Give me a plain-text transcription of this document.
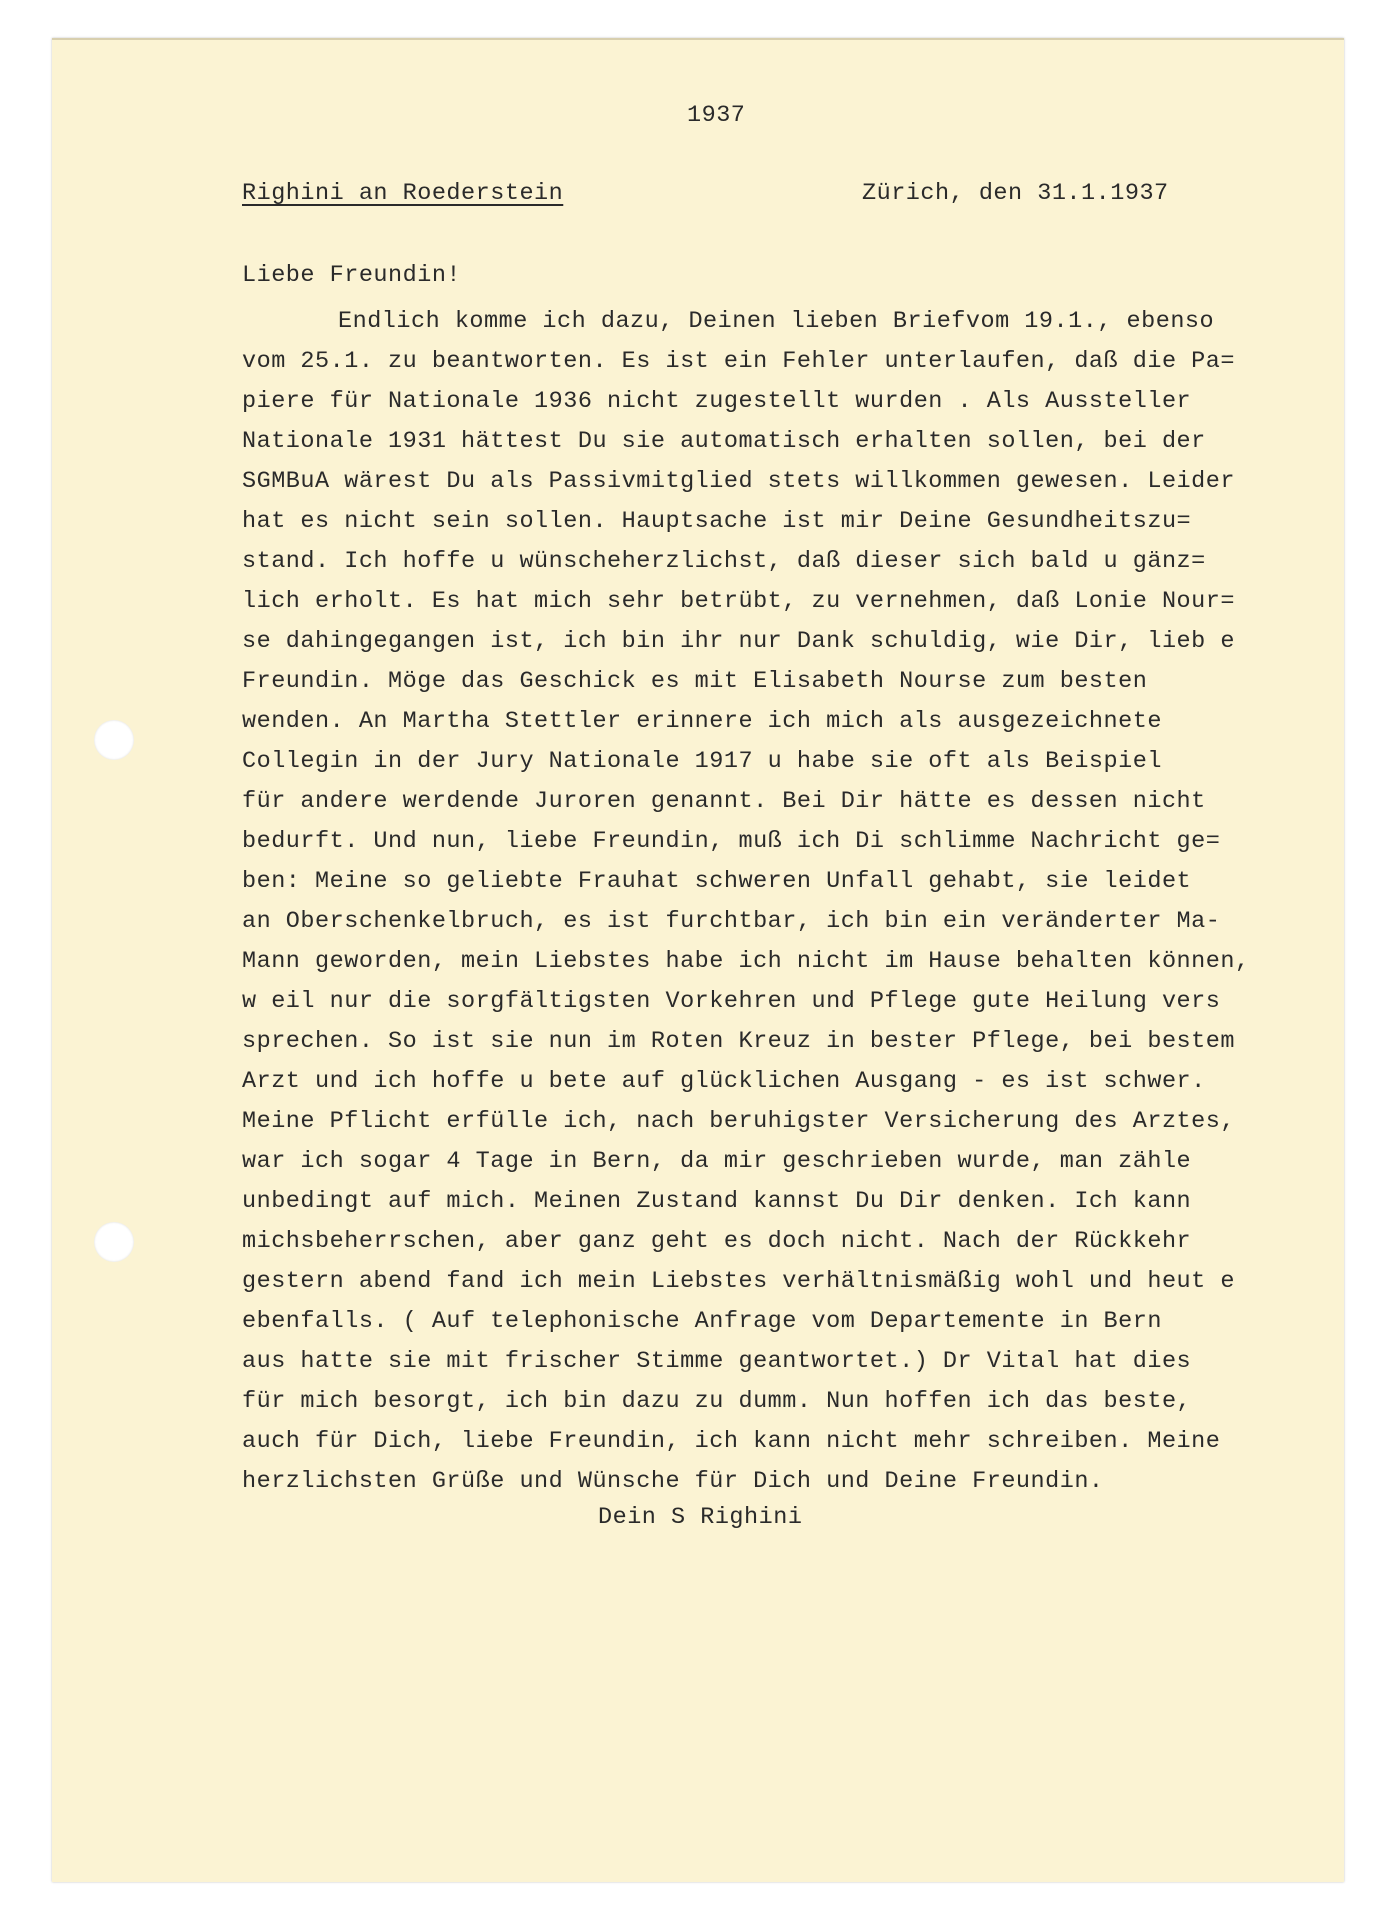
1937
Righini an Roederstein	Zürich, den 31.1.1937
Liebe Freundin!
Endlich komme ich dazu, Deinen lieben Briefvom 19.1., ebenso
vom 25.1. zu beantworten. Es ist ein Fehler unterlaufen, daß die Pa=
piere für Nationale 1936 nicht zugestellt wurden . Als Aussteller
Nationale 1931 hättest Du sie automatisch erhalten sollen, bei der
SGMBuA wärest Du als Passivmitglied stets willkommen gewesen. Leider
hat es nicht sein sollen. Hauptsache ist mir Deine Gesundheitszu=
stand. Ich hoffe u wünscheherzlichst, daß dieser sich bald u gänz=
lich erholt. Es hat mich sehr betrübt, zu vernehmen, daß Lonie Nour=
se dahingegangen ist, ich bin ihr nur Dank schuldig, wie Dir, lieb e
Freundin. Möge das Geschick es mit Elisabeth Nourse zum besten
wenden. An Martha Stettler erinnere ich mich als ausgezeichnete
Collegin in der Jury Nationale 1917 u habe sie oft als Beispiel
für andere werdende Juroren genannt. Bei Dir hätte es dessen nicht
bedurft. Und nun, liebe Freundin, muß ich Di schlimme Nachricht ge=
ben: Meine so geliebte Frauhat schweren Unfall gehabt, sie leidet
an Oberschenkelbruch, es ist furchtbar, ich bin ein veränderter Ma-
Mann geworden, mein Liebstes habe ich nicht im Hause behalten können,
w eil nur die sorgfältigsten Vorkehren und Pflege gute Heilung vers
sprechen. So ist sie nun im Roten Kreuz in bester Pflege, bei bestem
Arzt und ich hoffe u bete auf glücklichen Ausgang - es ist schwer.
Meine Pflicht erfülle ich, nach beruhigster Versicherung des Arztes,
war ich sogar 4 Tage in Bern, da mir geschrieben wurde, man zähle
unbedingt auf mich. Meinen Zustand kannst Du Dir denken. Ich kann
michsbeherrschen, aber ganz geht es doch nicht. Nach der Rückkehr
gestern abend fand ich mein Liebstes verhältnismäßig wohl und heut e
ebenfalls. ( Auf telephonische Anfrage vom Departemente in Bern
aus hatte sie mit frischer Stimme geantwortet.) Dr Vital hat dies
für mich besorgt, ich bin dazu zu dumm. Nun hoffen ich das beste,
auch für Dich, liebe Freundin, ich kann nicht mehr schreiben. Meine
herzlichsten Grüße und Wünsche für Dich und Deine Freundin.
Dein S Righini
